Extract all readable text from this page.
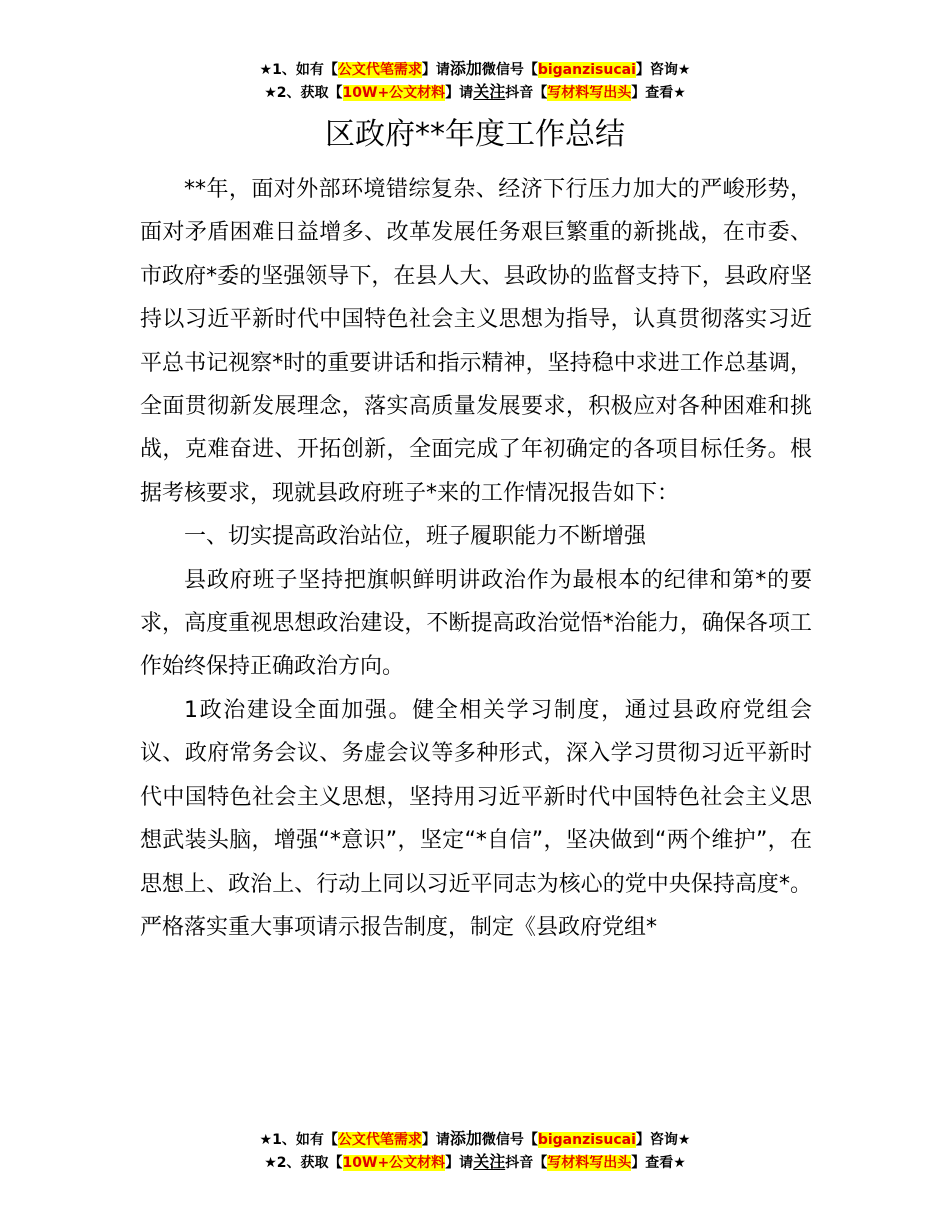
★1、如有【公文代笔需求】请添加微信号【biganzisucai】咨询★
★2、获取【10W+公文材料】请关注抖音【写材料写出头】查看★
区政府**年度工作总结

**年，面对外部环境错综复杂、经济下行压力加大的严峻形势，面对矛盾困难日益增多、改革发展任务艰巨繁重的新挑战，在市委、市政府*委的坚强领导下，在县人大、县政协的监督支持下，县政府坚持以习近平新时代中国特色社会主义思想为指导，认真贯彻落实习近平总书记视察*时的重要讲话和指示精神，坚持稳中求进工作总基调，全面贯彻新发展理念，落实高质量发展要求，积极应对各种困难和挑战，克难奋进、开拓创新，全面完成了年初确定的各项目标任务。根据考核要求，现就县政府班子*来的工作情况报告如下：

一、切实提高政治站位，班子履职能力不断增强

县政府班子坚持把旗帜鲜明讲政治作为最根本的纪律和第*的要求，高度重视思想政治建设，不断提高政治觉悟*治能力，确保各项工作始终保持正确政治方向。

1政治建设全面加强。健全相关学习制度，通过县政府党组会议、政府常务会议、务虚会议等多种形式，深入学习贯彻习近平新时代中国特色社会主义思想，坚持用习近平新时代中国特色社会主义思想武装头脑，增强“*意识”，坚定“*自信”，坚决做到“两个维护”，在思想上、政治上、行动上同以习近平同志为核心的党中央保持高度*。严格落实重大事项请示报告制度，制定《县政府党组*

★1、如有【公文代笔需求】请添加微信号【biganzisucai】咨询★
★2、获取【10W+公文材料】请关注抖音【写材料写出头】查看★
